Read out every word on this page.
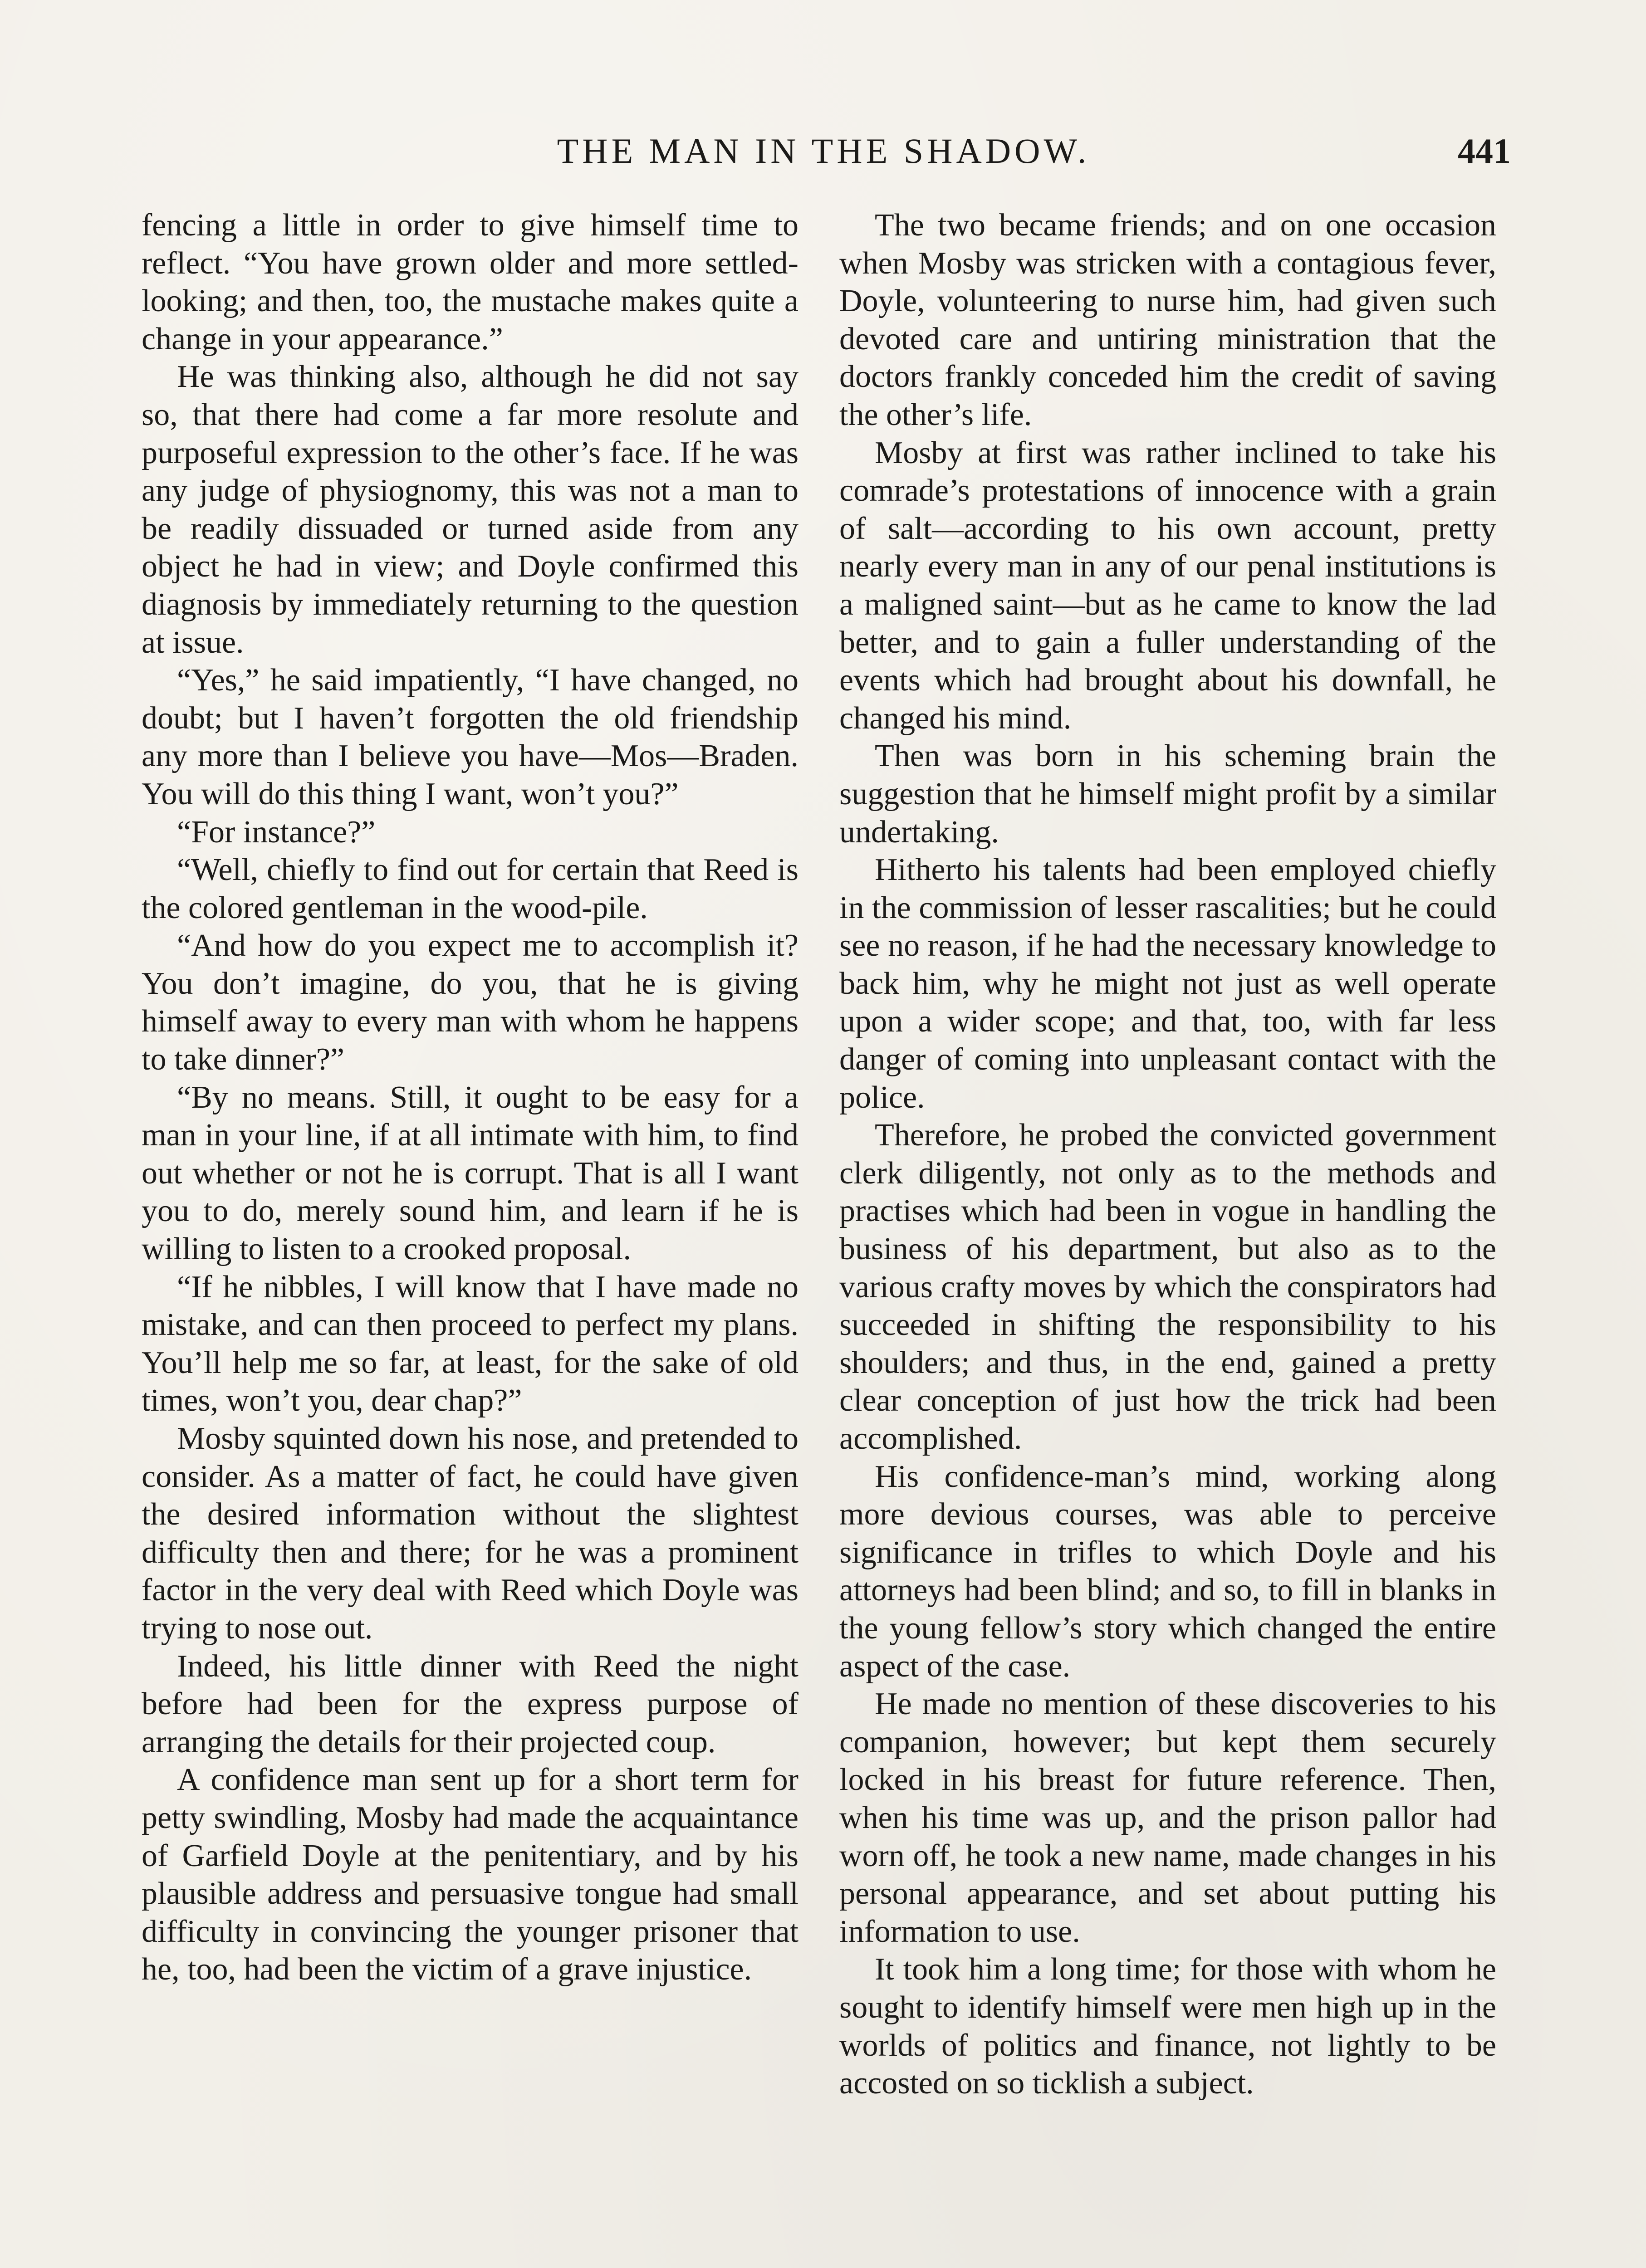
THE MAN IN THE SHADOW.	441

fencing a little in order to give himself time to reflect. “You have grown older and more settled-looking; and then, too, the mustache makes quite a change in your appearance.”

He was thinking also, although he did not say so, that there had come a far more resolute and purposeful expression to the other’s face. If he was any judge of physiognomy, this was not a man to be readily dissuaded or turned aside from any object he had in view; and Doyle confirmed this diagnosis by immediately returning to the question at issue.

“Yes,” he said impatiently, “I have changed, no doubt; but I haven’t forgotten the old friendship any more than I believe you have—Mos—Braden. You will do this thing I want, won’t you?”

“For instance?”

“Well, chiefly to find out for certain that Reed is the colored gentleman in the wood-pile.

“And how do you expect me to accomplish it? You don’t imagine, do you, that he is giving himself away to every man with whom he happens to take dinner?”

“By no means. Still, it ought to be easy for a man in your line, if at all intimate with him, to find out whether or not he is corrupt. That is all I want you to do, merely sound him, and learn if he is willing to listen to a crooked proposal.

“If he nibbles, I will know that I have made no mistake, and can then proceed to perfect my plans. You’ll help me so far, at least, for the sake of old times, won’t you, dear chap?”

Mosby squinted down his nose, and pretended to consider. As a matter of fact, he could have given the desired information without the slightest difficulty then and there; for he was a prominent factor in the very deal with Reed which Doyle was trying to nose out.

Indeed, his little dinner with Reed the night before had been for the express purpose of arranging the details for their projected coup.

A confidence man sent up for a short term for petty swindling, Mosby had made the acquaintance of Garfield Doyle at the penitentiary, and by his plausible address and persuasive tongue had small difficulty in convincing the younger prisoner that he, too, had been the victim of a grave injustice.

The two became friends; and on one occasion when Mosby was stricken with a contagious fever, Doyle, volunteering to nurse him, had given such devoted care and untiring ministration that the doctors frankly conceded him the credit of saving the other’s life.

Mosby at first was rather inclined to take his comrade’s protestations of innocence with a grain of salt—according to his own account, pretty nearly every man in any of our penal institutions is a maligned saint—but as he came to know the lad better, and to gain a fuller understanding of the events which had brought about his downfall, he changed his mind.

Then was born in his scheming brain the suggestion that he himself might profit by a similar undertaking.

Hitherto his talents had been employed chiefly in the commission of lesser rascalities; but he could see no reason, if he had the necessary knowledge to back him, why he might not just as well operate upon a wider scope; and that, too, with far less danger of coming into unpleasant contact with the police.

Therefore, he probed the convicted government clerk diligently, not only as to the methods and practises which had been in vogue in handling the business of his department, but also as to the various crafty moves by which the conspirators had succeeded in shifting the responsibility to his shoulders; and thus, in the end, gained a pretty clear conception of just how the trick had been accomplished.

His confidence-man’s mind, working along more devious courses, was able to perceive significance in trifles to which Doyle and his attorneys had been blind; and so, to fill in blanks in the young fellow’s story which changed the entire aspect of the case.

He made no mention of these discoveries to his companion, however; but kept them securely locked in his breast for future reference. Then, when his time was up, and the prison pallor had worn off, he took a new name, made changes in his personal appearance, and set about putting his information to use.

It took him a long time; for those with whom he sought to identify himself were men high up in the worlds of politics and finance, not lightly to be accosted on so ticklish a subject.
